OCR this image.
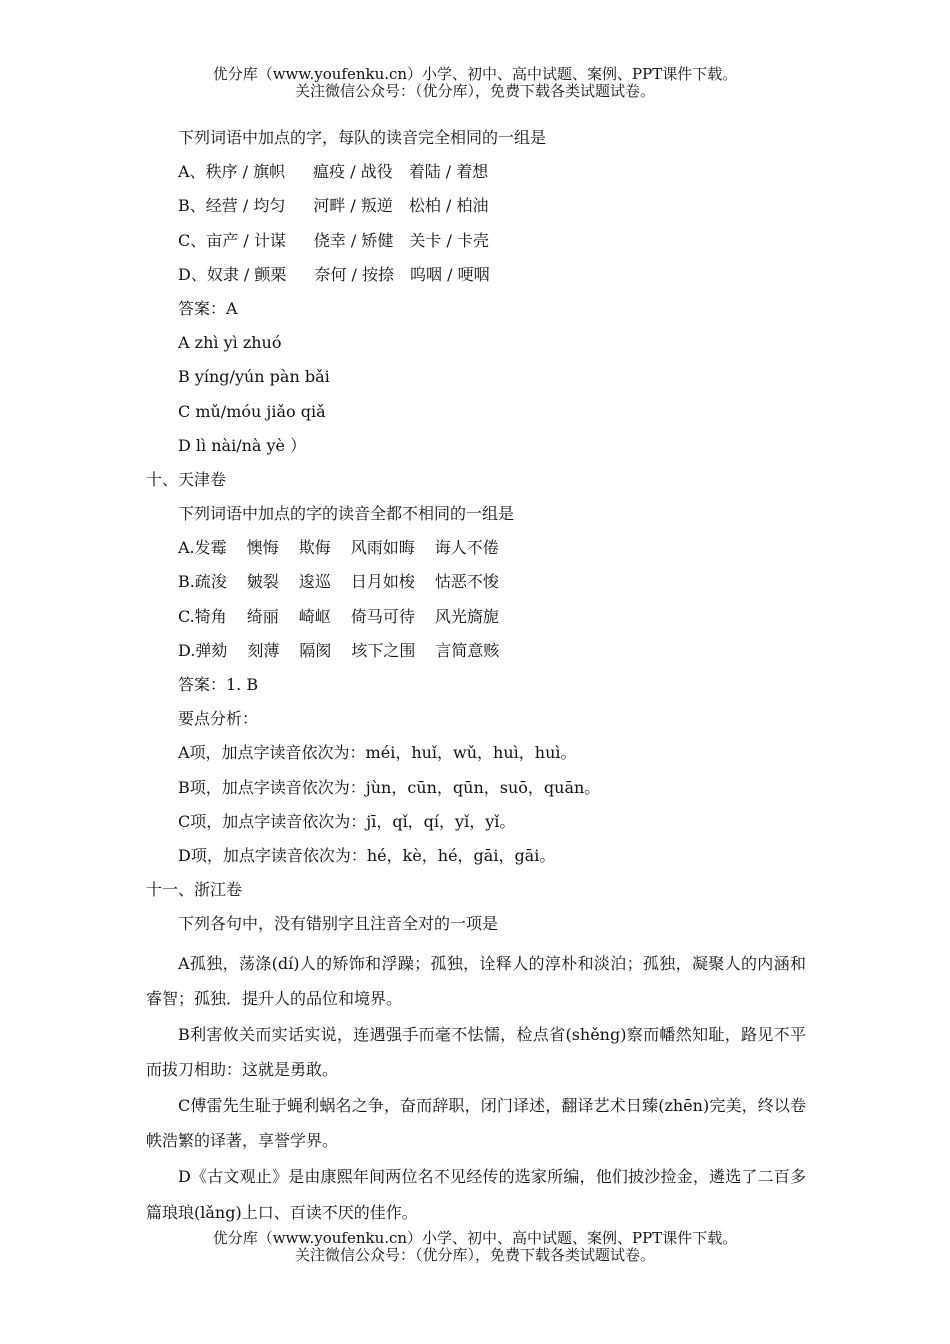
优分库（www.youfenku.cn）小学、初中、高中试题、案例、PPT课件下载。
关注微信公众号：（优分库），免费下载各类试题试卷。
下列词语中加点的字，每队的读音完全相同的一组是
A、秩序 / 旗帜 瘟疫 / 战役 着陆 / 着想
B、经营 / 均匀 河畔 / 叛逆 松柏 / 柏油
C、亩产 / 计谋 侥幸 / 矫健 关卡 / 卡壳
D、奴隶 / 颤栗 奈何 / 按捺 呜咽 / 哽咽
答案：A
A zhì yì zhuó
B yíng/yún pàn bǎi
C mǔ/móu jiǎo qiǎ
D lì nài/nà yè ）
十、天津卷
下列词语中加点的字的读音全都不相同的一组是
A.发霉 懊悔 欺侮 风雨如晦 诲人不倦
B.疏浚 皴裂 逡巡 日月如梭 怙恶不悛
C.犄角 绮丽 崎岖 倚马可待 风光旖旎
D.弹劾 刻薄 隔阂 垓下之围 言简意赅
答案：1. B
要点分析：
A项，加点字读音依次为：méi，huǐ，wǔ，huì，huì。
B项，加点字读音依次为：jùn，cūn，qūn，suō，quān。
C项，加点字读音依次为：jī，qǐ，qí，yǐ，yǐ。
D项，加点字读音依次为：hé，kè，hé，gāi，gāi。
十一、浙江卷
下列各句中，没有错别字且注音全对的一项是

A孤独，荡涤(dí)人的矫饰和浮躁；孤独，诠释人的淳朴和淡泊；孤独，凝聚人的内涵和睿智；孤独．提升人的品位和境界。

B利害攸关而实话实说，连遇强手而毫不怯懦，检点省(shěng)察而幡然知耻，路见不平而拔刀相助：这就是勇敢。

C傅雷先生耻于蝇利蜗名之争，奋而辞职，闭门译述，翻译艺术日臻(zhēn)完美，终以卷帙浩繁的译著，享誉学界。

D《古文观止》是由康熙年间两位名不见经传的选家所编，他们披沙捡金，遴选了二百多篇琅琅(lǎng)上口、百读不厌的佳作。

优分库（www.youfenku.cn）小学、初中、高中试题、案例、PPT课件下载。
关注微信公众号：（优分库），免费下载各类试题试卷。
